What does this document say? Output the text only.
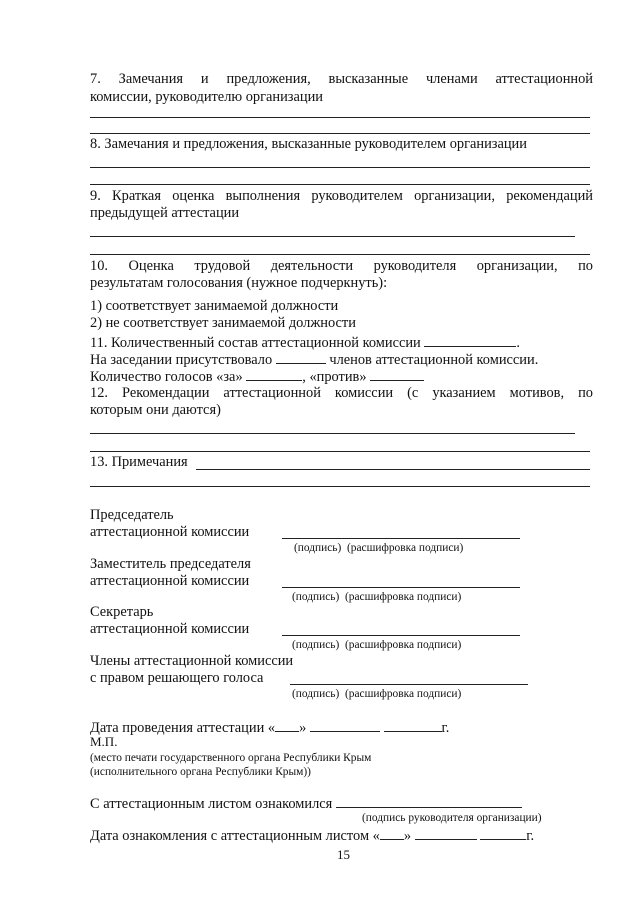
7. Замечания и предложения, высказанные членами аттестационной
комиссии, руководителю организации
8. Замечания и предложения, высказанные руководителем организации
9. Краткая оценка выполнения руководителем организации, рекомендаций
предыдущей аттестации
10. Оценка трудовой деятельности руководителя организации, по
результатам голосования (нужное подчеркнуть):
1) соответствует занимаемой должности
2) не соответствует занимаемой должности
11. Количественный состав аттестационной комиссии	.
На заседании присутствовало	членов аттестационной комиссии.
Количество голосов «за»	, «против»
12. Рекомендации аттестационной комиссии (с указанием мотивов, по
которым они даются)
13. Примечания
Председатель
аттестационной комиссии
(подпись) (расшифровка подписи)
Заместитель председателя
аттестационной комиссии
(подпись) (расшифровка подписи)
Секретарь
аттестационной комиссии
(подпись) (расшифровка подписи)
Члены аттестационной комиссии
с правом решающего голоса
(подпись) (расшифровка подписи)
Дата проведения аттестации « »	г.
М.П.
(место печати государственного органа Республики Крым
(исполнительного органа Республики Крым))
С аттестационным листом ознакомился
(подпись руководителя организации)
Дата ознакомления с аттестационным листом « »	г.
15
